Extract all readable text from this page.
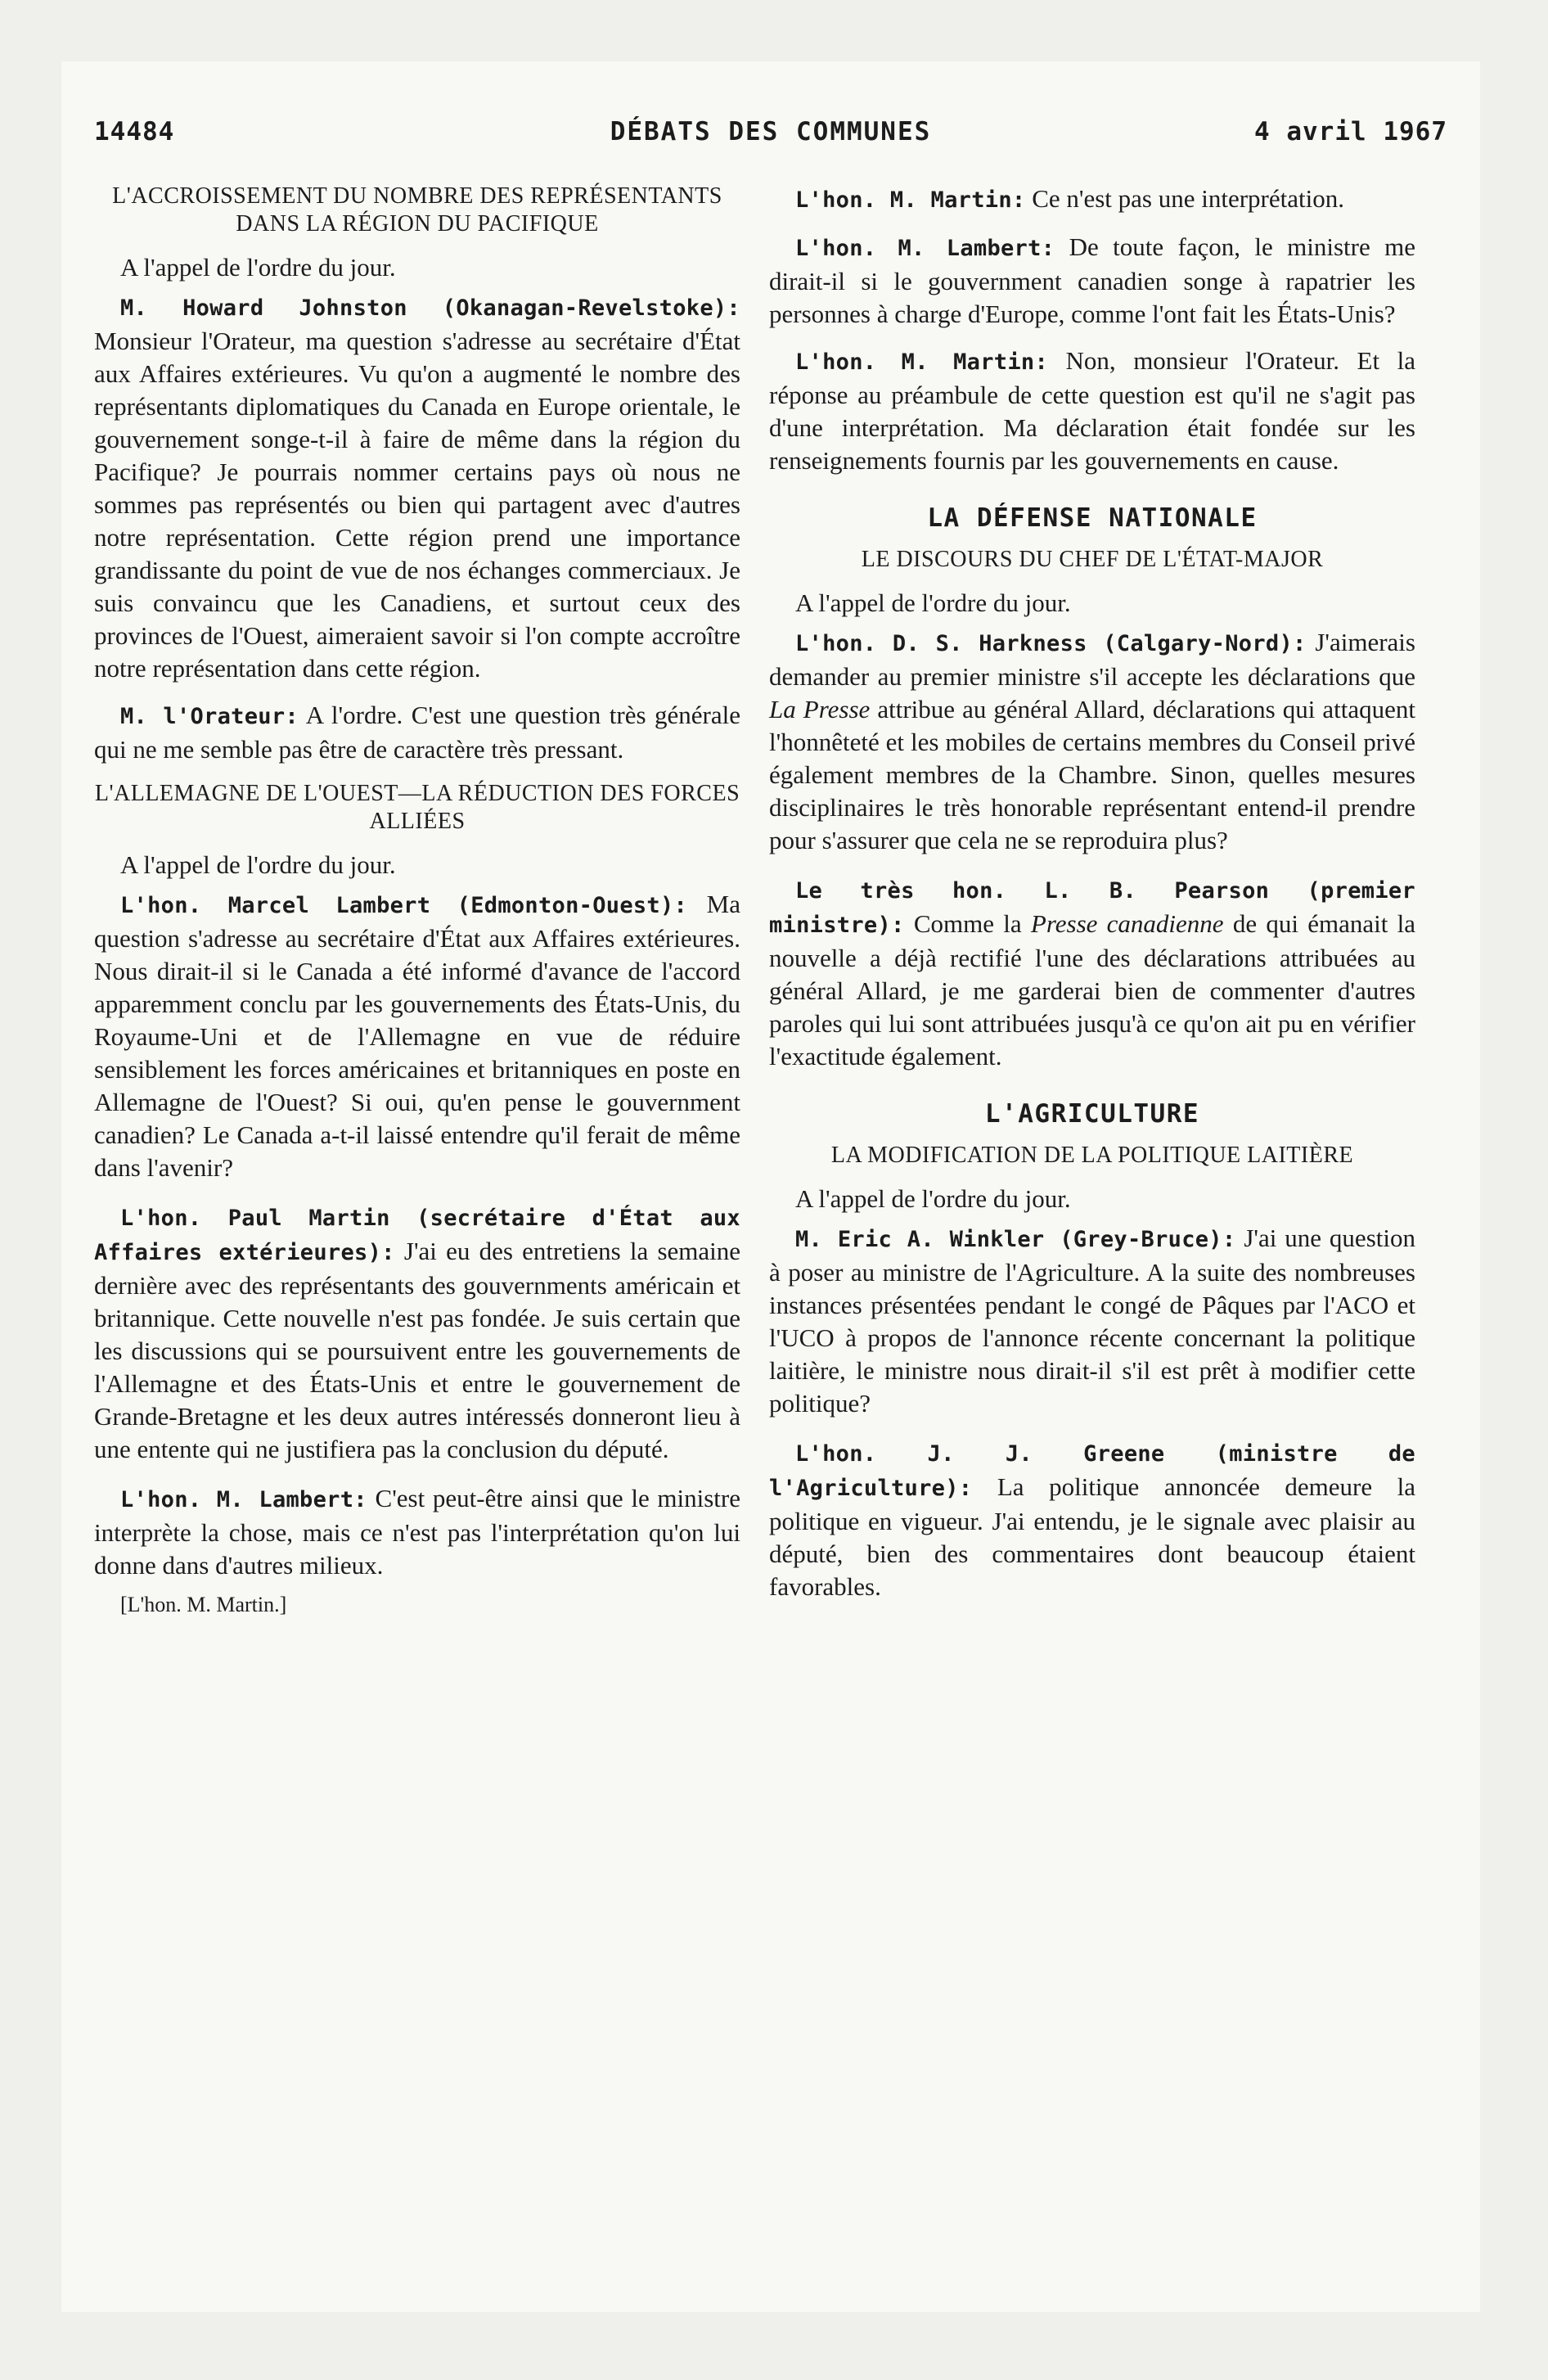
14484	DÉBATS DES COMMUNES	4 avril 1967
L'ACCROISSEMENT DU NOMBRE DES REPRÉSENTANTS DANS LA RÉGION DU PACIFIQUE

A l'appel de l'ordre du jour.

M. Howard Johnston (Okanagan-Revelstoke): Monsieur l'Orateur, ma question s'adresse au secrétaire d'État aux Affaires extérieures. Vu qu'on a augmenté le nombre des représentants diplomatiques du Canada en Europe orientale, le gouvernement songe-t-il à faire de même dans la région du Pacifique? Je pourrais nommer certains pays où nous ne sommes pas représentés ou bien qui partagent avec d'autres notre représentation. Cette région prend une importance grandissante du point de vue de nos échanges commerciaux. Je suis convaincu que les Canadiens, et surtout ceux des provinces de l'Ouest, aimeraient savoir si l'on compte accroître notre représentation dans cette région.

M. l'Orateur: A l'ordre. C'est une question très générale qui ne me semble pas être de caractère très pressant.

L'ALLEMAGNE DE L'OUEST—LA RÉDUCTION DES FORCES ALLIÉES

A l'appel de l'ordre du jour.

L'hon. Marcel Lambert (Edmonton-Ouest): Ma question s'adresse au secrétaire d'État aux Affaires extérieures. Nous dirait-il si le Canada a été informé d'avance de l'accord apparemment conclu par les gouvernements des États-Unis, du Royaume-Uni et de l'Allemagne en vue de réduire sensiblement les forces américaines et britanniques en poste en Allemagne de l'Ouest? Si oui, qu'en pense le gouvernment canadien? Le Canada a-t-il laissé entendre qu'il ferait de même dans l'avenir?

L'hon. Paul Martin (secrétaire d'État aux Affaires extérieures): J'ai eu des entretiens la semaine dernière avec des représentants des gouvernments américain et britannique. Cette nouvelle n'est pas fondée. Je suis certain que les discussions qui se poursuivent entre les gouvernements de l'Allemagne et des États-Unis et entre le gouvernement de Grande-Bretagne et les deux autres intéressés donneront lieu à une entente qui ne justifiera pas la conclusion du député.

L'hon. M. Lambert: C'est peut-être ainsi que le ministre interprète la chose, mais ce n'est pas l'interprétation qu'on lui donne dans d'autres milieux.

[L'hon. M. Martin.]

L'hon. M. Martin: Ce n'est pas une interprétation.

L'hon. M. Lambert: De toute façon, le ministre me dirait-il si le gouvernment canadien songe à rapatrier les personnes à charge d'Europe, comme l'ont fait les États-Unis?

L'hon. M. Martin: Non, monsieur l'Orateur. Et la réponse au préambule de cette question est qu'il ne s'agit pas d'une interprétation. Ma déclaration était fondée sur les renseignements fournis par les gouvernements en cause.

LA DÉFENSE NATIONALE
LE DISCOURS DU CHEF DE L'ÉTAT-MAJOR

A l'appel de l'ordre du jour.

L'hon. D. S. Harkness (Calgary-Nord): J'aimerais demander au premier ministre s'il accepte les déclarations que La Presse attribue au général Allard, déclarations qui attaquent l'honnêteté et les mobiles de certains membres du Conseil privé également membres de la Chambre. Sinon, quelles mesures disciplinaires le très honorable représentant entend-il prendre pour s'assurer que cela ne se reproduira plus?

Le très hon. L. B. Pearson (premier ministre): Comme la Presse canadienne de qui émanait la nouvelle a déjà rectifié l'une des déclarations attribuées au général Allard, je me garderai bien de commenter d'autres paroles qui lui sont attribuées jusqu'à ce qu'on ait pu en vérifier l'exactitude également.

L'AGRICULTURE
LA MODIFICATION DE LA POLITIQUE LAITIÈRE

A l'appel de l'ordre du jour.

M. Eric A. Winkler (Grey-Bruce): J'ai une question à poser au ministre de l'Agriculture. A la suite des nombreuses instances présentées pendant le congé de Pâques par l'ACO et l'UCO à propos de l'annonce récente concernant la politique laitière, le ministre nous dirait-il s'il est prêt à modifier cette politique?

L'hon. J. J. Greene (ministre de l'Agriculture): La politique annoncée demeure la politique en vigueur. J'ai entendu, je le signale avec plaisir au député, bien des commentaires dont beaucoup étaient favorables.
